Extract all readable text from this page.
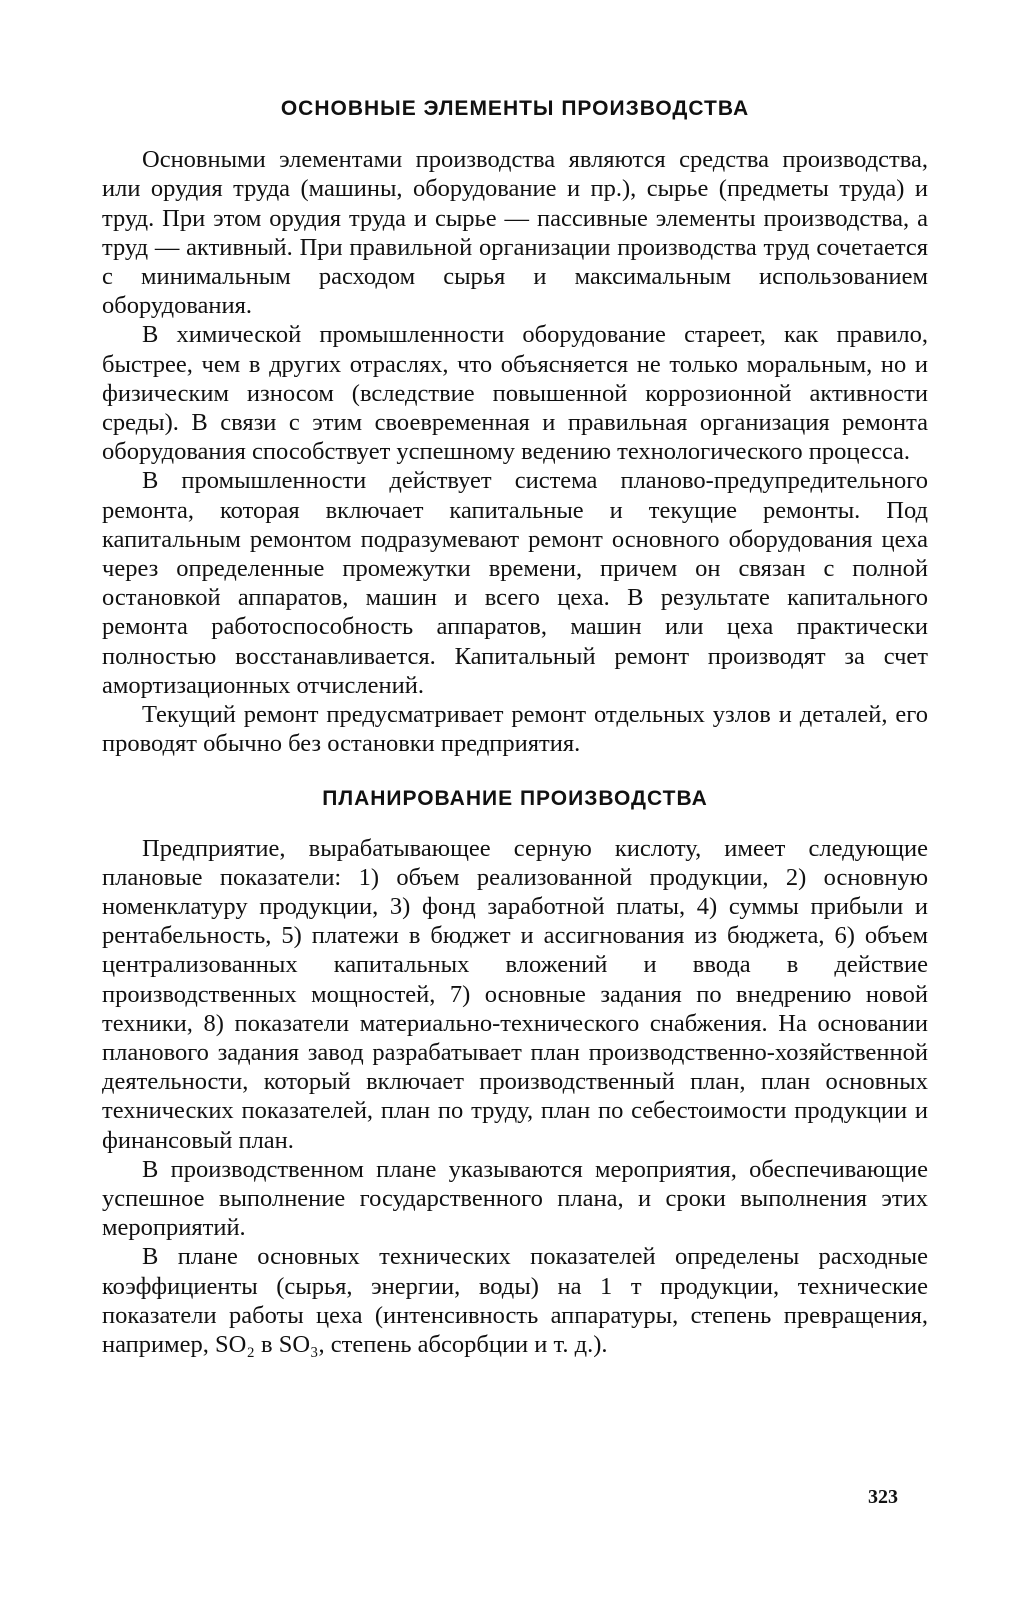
ОСНОВНЫЕ ЭЛЕМЕНТЫ ПРОИЗВОДСТВА

Основными элементами производства являются средства производства, или орудия труда (машины, оборудование и пр.), сырье (предметы труда) и труд. При этом орудия труда и сырье — пассивные элементы производства, а труд — активный. При правильной организации производства труд сочетается с минимальным расходом сырья и максимальным использованием оборудования.

В химической промышленности оборудование стареет, как правило, быстрее, чем в других отраслях, что объясняется не только моральным, но и физическим износом (вследствие повышенной коррозионной активности среды). В связи с этим своевременная и правильная организация ремонта оборудования способствует успешному ведению технологического процесса.

В промышленности действует система планово-предупредительного ремонта, которая включает капитальные и текущие ремонты. Под капитальным ремонтом подразумевают ремонт основного оборудования цеха через определенные промежутки времени, причем он связан с полной остановкой аппаратов, машин и всего цеха. В результате капитального ремонта работоспособность аппаратов, машин или цеха практически полностью восстанавливается. Капитальный ремонт производят за счет амортизационных отчислений.

Текущий ремонт предусматривает ремонт отдельных узлов и деталей, его проводят обычно без остановки предприятия.

ПЛАНИРОВАНИЕ ПРОИЗВОДСТВА

Предприятие, вырабатывающее серную кислоту, имеет следующие плановые показатели: 1) объем реализованной продукции, 2) основную номенклатуру продукции, 3) фонд заработной платы, 4) суммы прибыли и рентабельность, 5) платежи в бюджет и ассигнования из бюджета, 6) объем централизованных капитальных вложений и ввода в действие производственных мощностей, 7) основные задания по внедрению новой техники, 8) показатели материально-технического снабжения. На основании планового задания завод разрабатывает план производственно-хозяйственной деятельности, который включает производственный план, план основных технических показателей, план по труду, план по себестоимости продукции и финансовый план.

В производственном плане указываются мероприятия, обеспечивающие успешное выполнение государственного плана, и сроки выполнения этих мероприятий.

В плане основных технических показателей определены расходные коэффициенты (сырья, энергии, воды) на 1 т продукции, технические показатели работы цеха (интенсивность аппаратуры, степень превращения, например, SO₂ в SO₃, степень абсорбции и т. д.).

323
